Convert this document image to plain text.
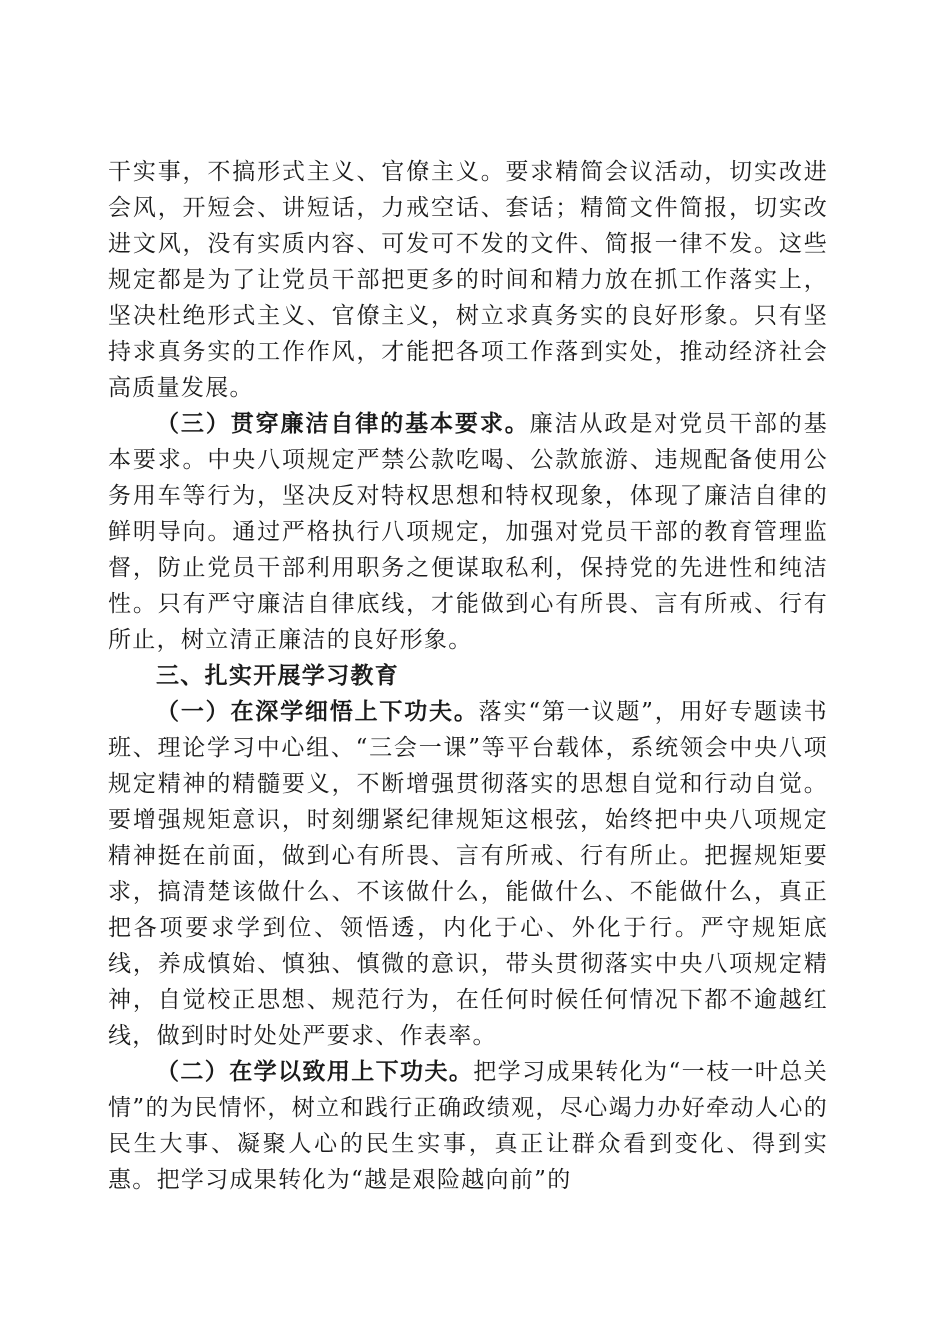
干实事，不搞形式主义、官僚主义。要求精简会议活动，切实改进会风，开短会、讲短话，力戒空话、套话；精简文件简报，切实改进文风，没有实质内容、可发可不发的文件、简报一律不发。这些规定都是为了让党员干部把更多的时间和精力放在抓工作落实上，坚决杜绝形式主义、官僚主义，树立求真务实的良好形象。只有坚持求真务实的工作作风，才能把各项工作落到实处，推动经济社会高质量发展。

（三）贯穿廉洁自律的基本要求。廉洁从政是对党员干部的基本要求。中央八项规定严禁公款吃喝、公款旅游、违规配备使用公务用车等行为，坚决反对特权思想和特权现象，体现了廉洁自律的鲜明导向。通过严格执行八项规定，加强对党员干部的教育管理监督，防止党员干部利用职务之便谋取私利，保持党的先进性和纯洁性。只有严守廉洁自律底线，才能做到心有所畏、言有所戒、行有所止，树立清正廉洁的良好形象。

三、扎实开展学习教育

（一）在深学细悟上下功夫。落实“第一议题”，用好专题读书班、理论学习中心组、“三会一课”等平台载体，系统领会中央八项规定精神的精髓要义，不断增强贯彻落实的思想自觉和行动自觉。要增强规矩意识，时刻绷紧纪律规矩这根弦，始终把中央八项规定精神挺在前面，做到心有所畏、言有所戒、行有所止。把握规矩要求，搞清楚该做什么、不该做什么，能做什么、不能做什么，真正把各项要求学到位、领悟透，内化于心、外化于行。严守规矩底线，养成慎始、慎独、慎微的意识，带头贯彻落实中央八项规定精神，自觉校正思想、规范行为，在任何时候任何情况下都不逾越红线，做到时时处处严要求、作表率。

（二）在学以致用上下功夫。把学习成果转化为“一枝一叶总关情”的为民情怀，树立和践行正确政绩观，尽心竭力办好牵动人心的民生大事、凝聚人心的民生实事，真正让群众看到变化、得到实惠。把学习成果转化为“越是艰险越向前”的
